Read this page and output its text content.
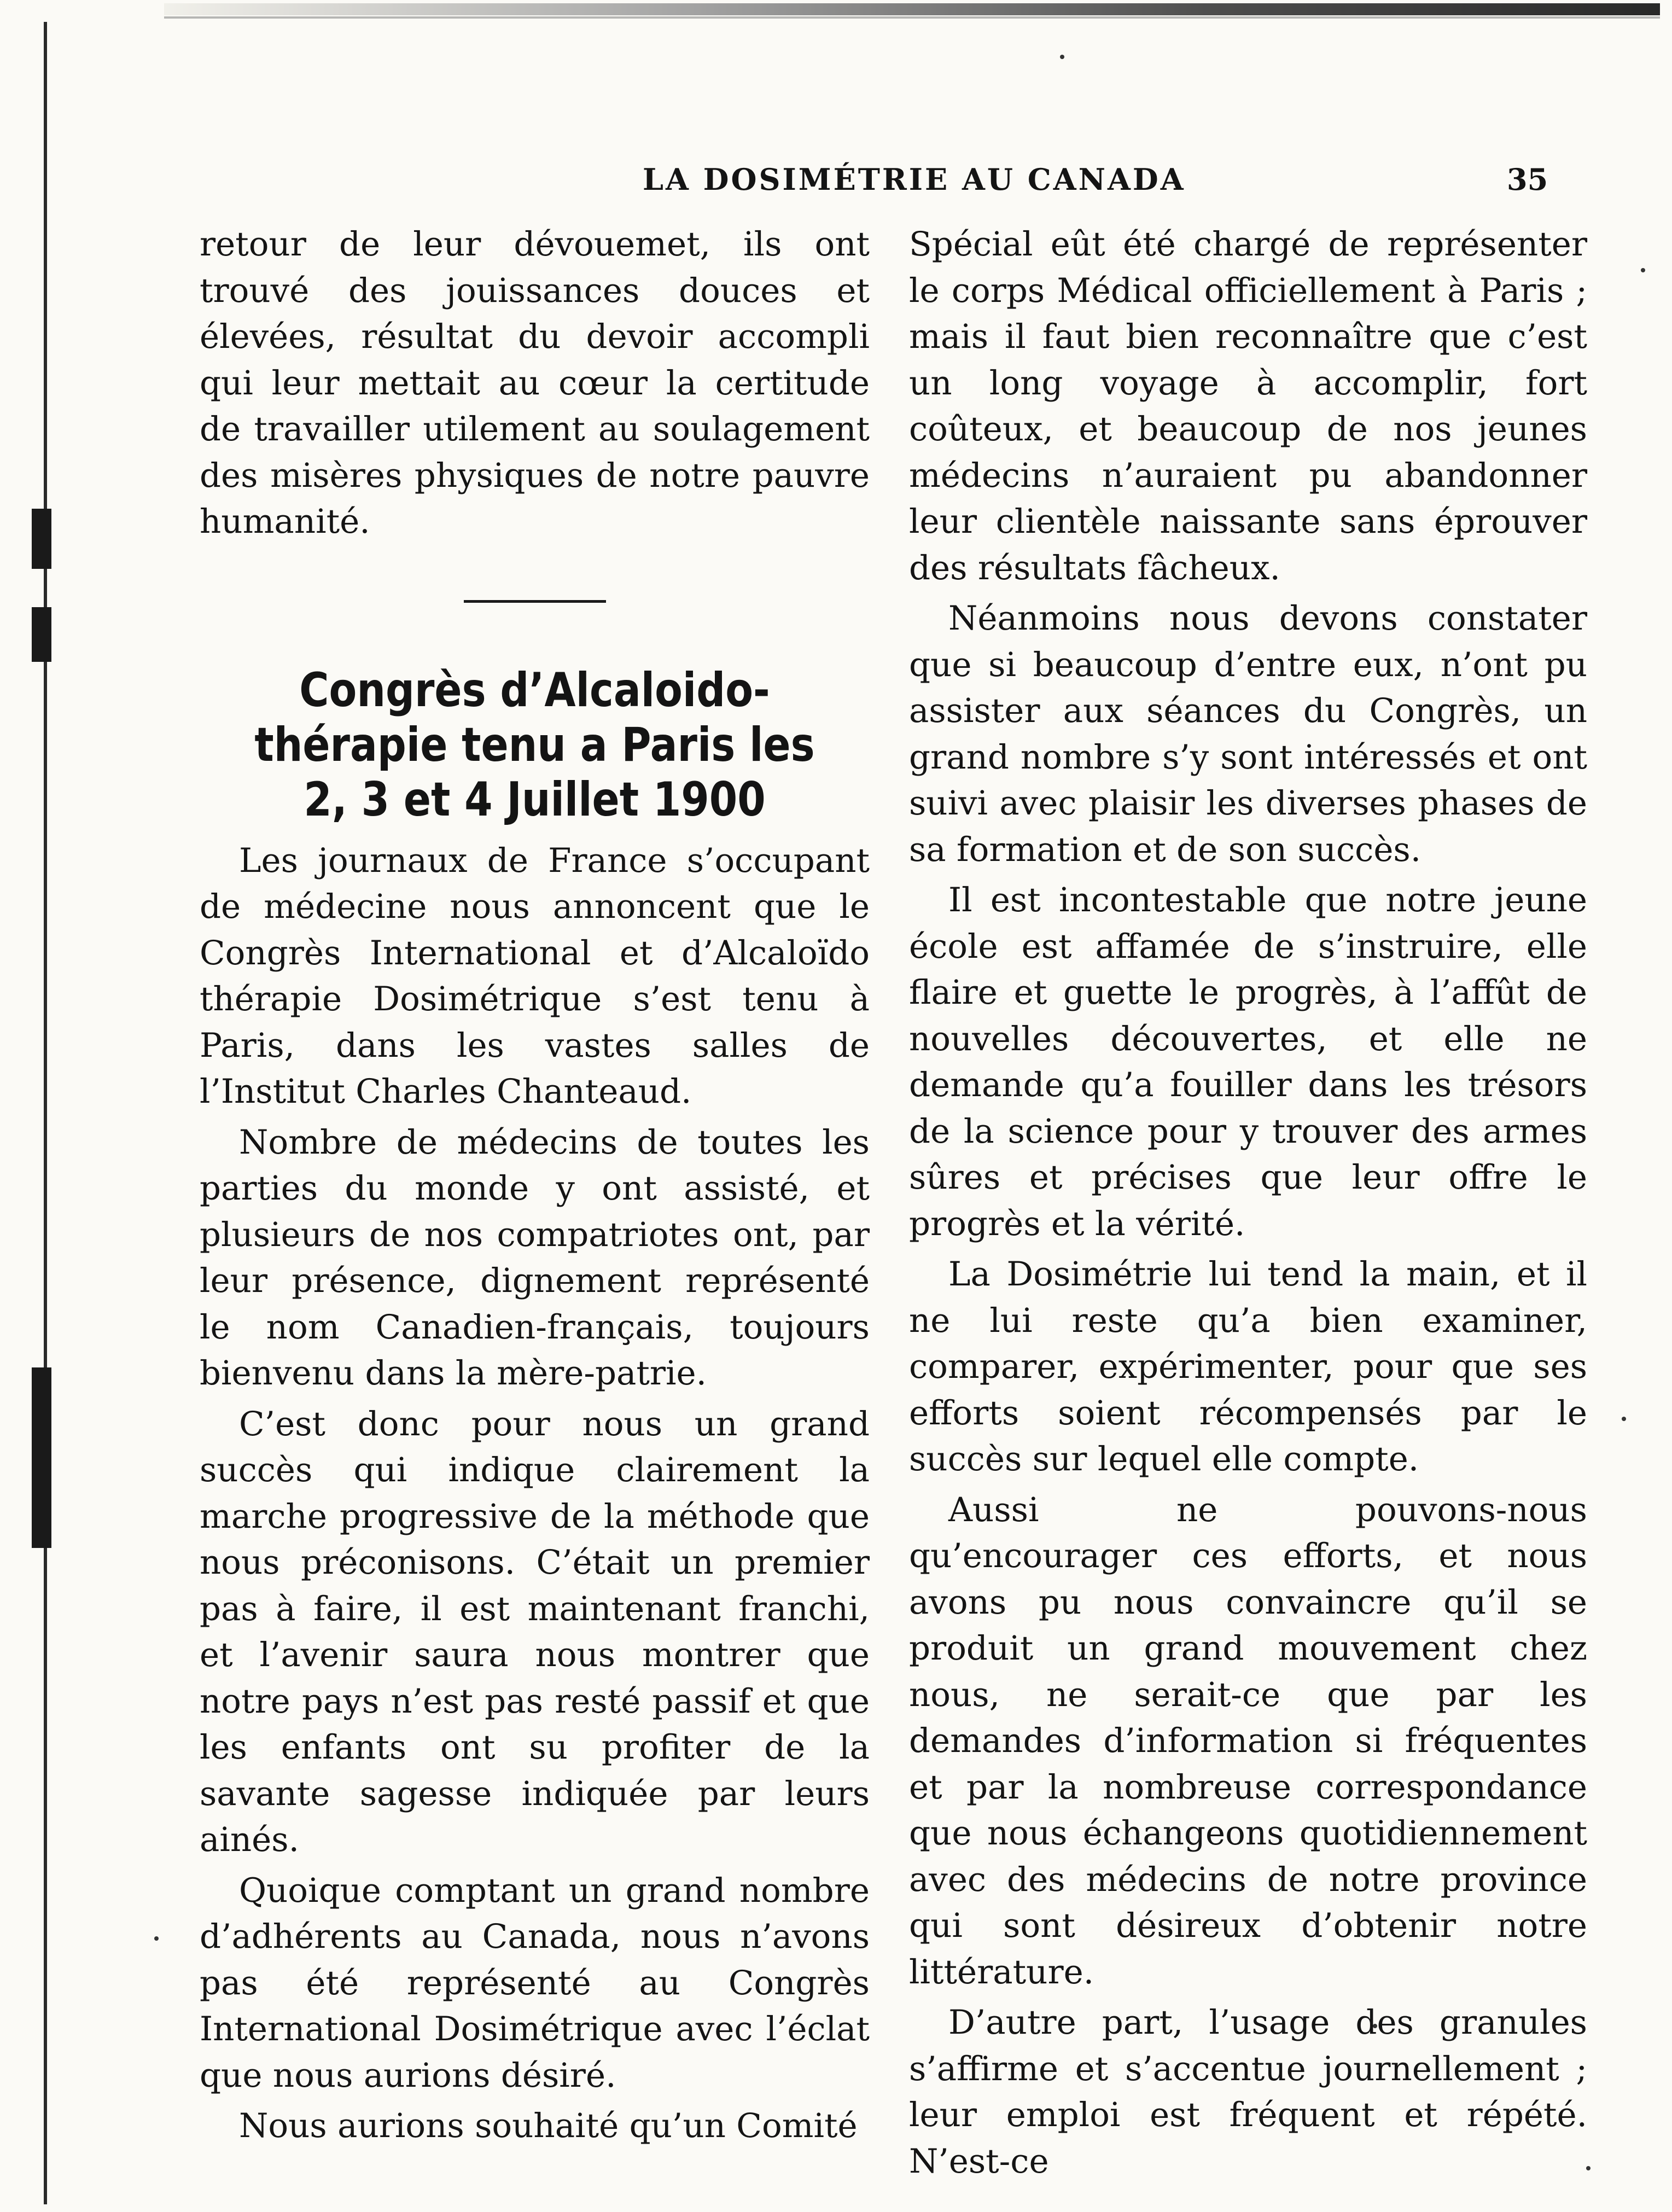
LA DOSIMÉTRIE AU CANADA	35

retour de leur dévouemet, ils ont trouvé des jouissances douces et élevées, résultat du devoir accompli qui leur mettait au cœur la certitude de travailler utilement au soulagement des misères physiques de notre pauvre humanité.

Congrès d’Alcaloido-thérapie tenu a Paris les 2, 3 et 4 Juillet 1900

Les journaux de France s’occupant de médecine nous annoncent que le Congrès International et d’Alcaloïdo thérapie Dosimétrique s’est tenu à Paris, dans les vastes salles de l’Institut Charles Chanteaud.

Nombre de médecins de toutes les parties du monde y ont assisté, et plusieurs de nos compatriotes ont, par leur présence, dignement représenté le nom Canadien-français, toujours bienvenu dans la mère-patrie.

C’est donc pour nous un grand succès qui indique clairement la marche progressive de la méthode que nous préconisons. C’était un premier pas à faire, il est maintenant franchi, et l’avenir saura nous montrer que notre pays n’est pas resté passif et que les enfants ont su profiter de la savante sagesse indiquée par leurs ainés.

Quoique comptant un grand nombre d’adhérents au Canada, nous n’avons pas été représenté au Congrès International Dosimétrique avec l’éclat que nous aurions désiré.

Nous aurions souhaité qu’un Comité

Spécial eût été chargé de représenter le corps Médical officiellement à Paris ; mais il faut bien reconnaître que c’est un long voyage à accomplir, fort coûteux, et beaucoup de nos jeunes médecins n’auraient pu abandonner leur clientèle naissante sans éprouver des résultats fâcheux.

Néanmoins nous devons constater que si beaucoup d’entre eux, n’ont pu assister aux séances du Congrès, un grand nombre s’y sont intéressés et ont suivi avec plaisir les diverses phases de sa formation et de son succès.

Il est incontestable que notre jeune école est affamée de s’instruire, elle flaire et guette le progrès, à l’affût de nouvelles découvertes, et elle ne demande qu’a fouiller dans les trésors de la science pour y trouver des armes sûres et précises que leur offre le progrès et la vérité.

La Dosimétrie lui tend la main, et il ne lui reste qu’a bien examiner, comparer, expérimenter, pour que ses efforts soient récompensés par le succès sur lequel elle compte.

Aussi ne pouvons-nous qu’encourager ces efforts, et nous avons pu nous convaincre qu’il se produit un grand mouvement chez nous, ne serait-ce que par les demandes d’information si fréquentes et par la nombreuse correspondance que nous échangeons quotidiennement avec des médecins de notre province qui sont désireux d’obtenir notre littérature.

D’autre part, l’usage des granules s’affirme et s’accentue journellement ; leur emploi est fréquent et répété. N’est-ce
